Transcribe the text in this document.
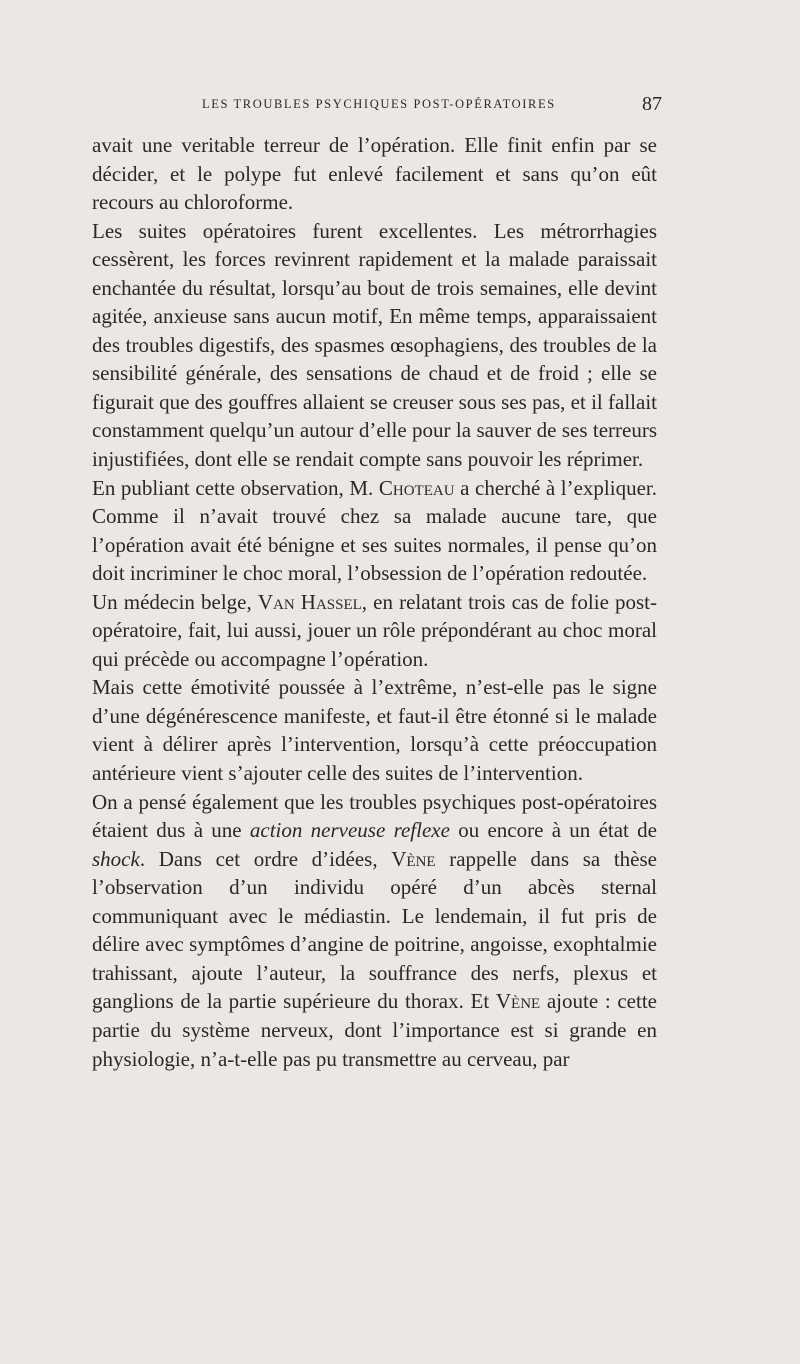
LES TROUBLES PSYCHIQUES POST-OPÉRATOIRES	87

avait une veritable terreur de l’opération. Elle finit enfin par se décider, et le polype fut enlevé facilement et sans qu’on eût recours au chloroforme.

Les suites opératoires furent excellentes. Les métrorrhagies cessèrent, les forces revinrent rapidement et la malade paraissait enchantée du résultat, lorsqu’au bout de trois semaines, elle devint agitée, anxieuse sans aucun motif, En même temps, apparaissaient des troubles digestifs, des spasmes œsophagiens, des troubles de la sensibilité générale, des sensations de chaud et de froid ; elle se figurait que des gouffres allaient se creuser sous ses pas, et il fallait constamment quelqu’un autour d’elle pour la sauver de ses terreurs injustifiées, dont elle se rendait compte sans pouvoir les réprimer.

En publiant cette observation, M. Choteau a cherché à l’expliquer. Comme il n’avait trouvé chez sa malade aucune tare, que l’opération avait été bénigne et ses suites normales, il pense qu’on doit incriminer le choc moral, l’obsession de l’opération redoutée.

Un médecin belge, Van Hassel, en relatant trois cas de folie post-opératoire, fait, lui aussi, jouer un rôle prépondérant au choc moral qui précède ou accompagne l’opération.

Mais cette émotivité poussée à l’extrême, n’est-elle pas le signe d’une dégénérescence manifeste, et faut-il être étonné si le malade vient à délirer après l’intervention, lorsqu’à cette préoccupation antérieure vient s’ajouter celle des suites de l’intervention.

On a pensé également que les troubles psychiques post-opératoires étaient dus à une action nerveuse reflexe ou encore à un état de shock. Dans cet ordre d’idées, Vène rappelle dans sa thèse l’observation d’un individu opéré d’un abcès sternal communiquant avec le médiastin. Le lendemain, il fut pris de délire avec symptômes d’angine de poitrine, angoisse, exophtalmie trahissant, ajoute l’auteur, la souffrance des nerfs, plexus et ganglions de la partie supérieure du thorax. Et Vène ajoute : cette partie du système nerveux, dont l’importance est si grande en physiologie, n’a-t-elle pas pu transmettre au cerveau, par
